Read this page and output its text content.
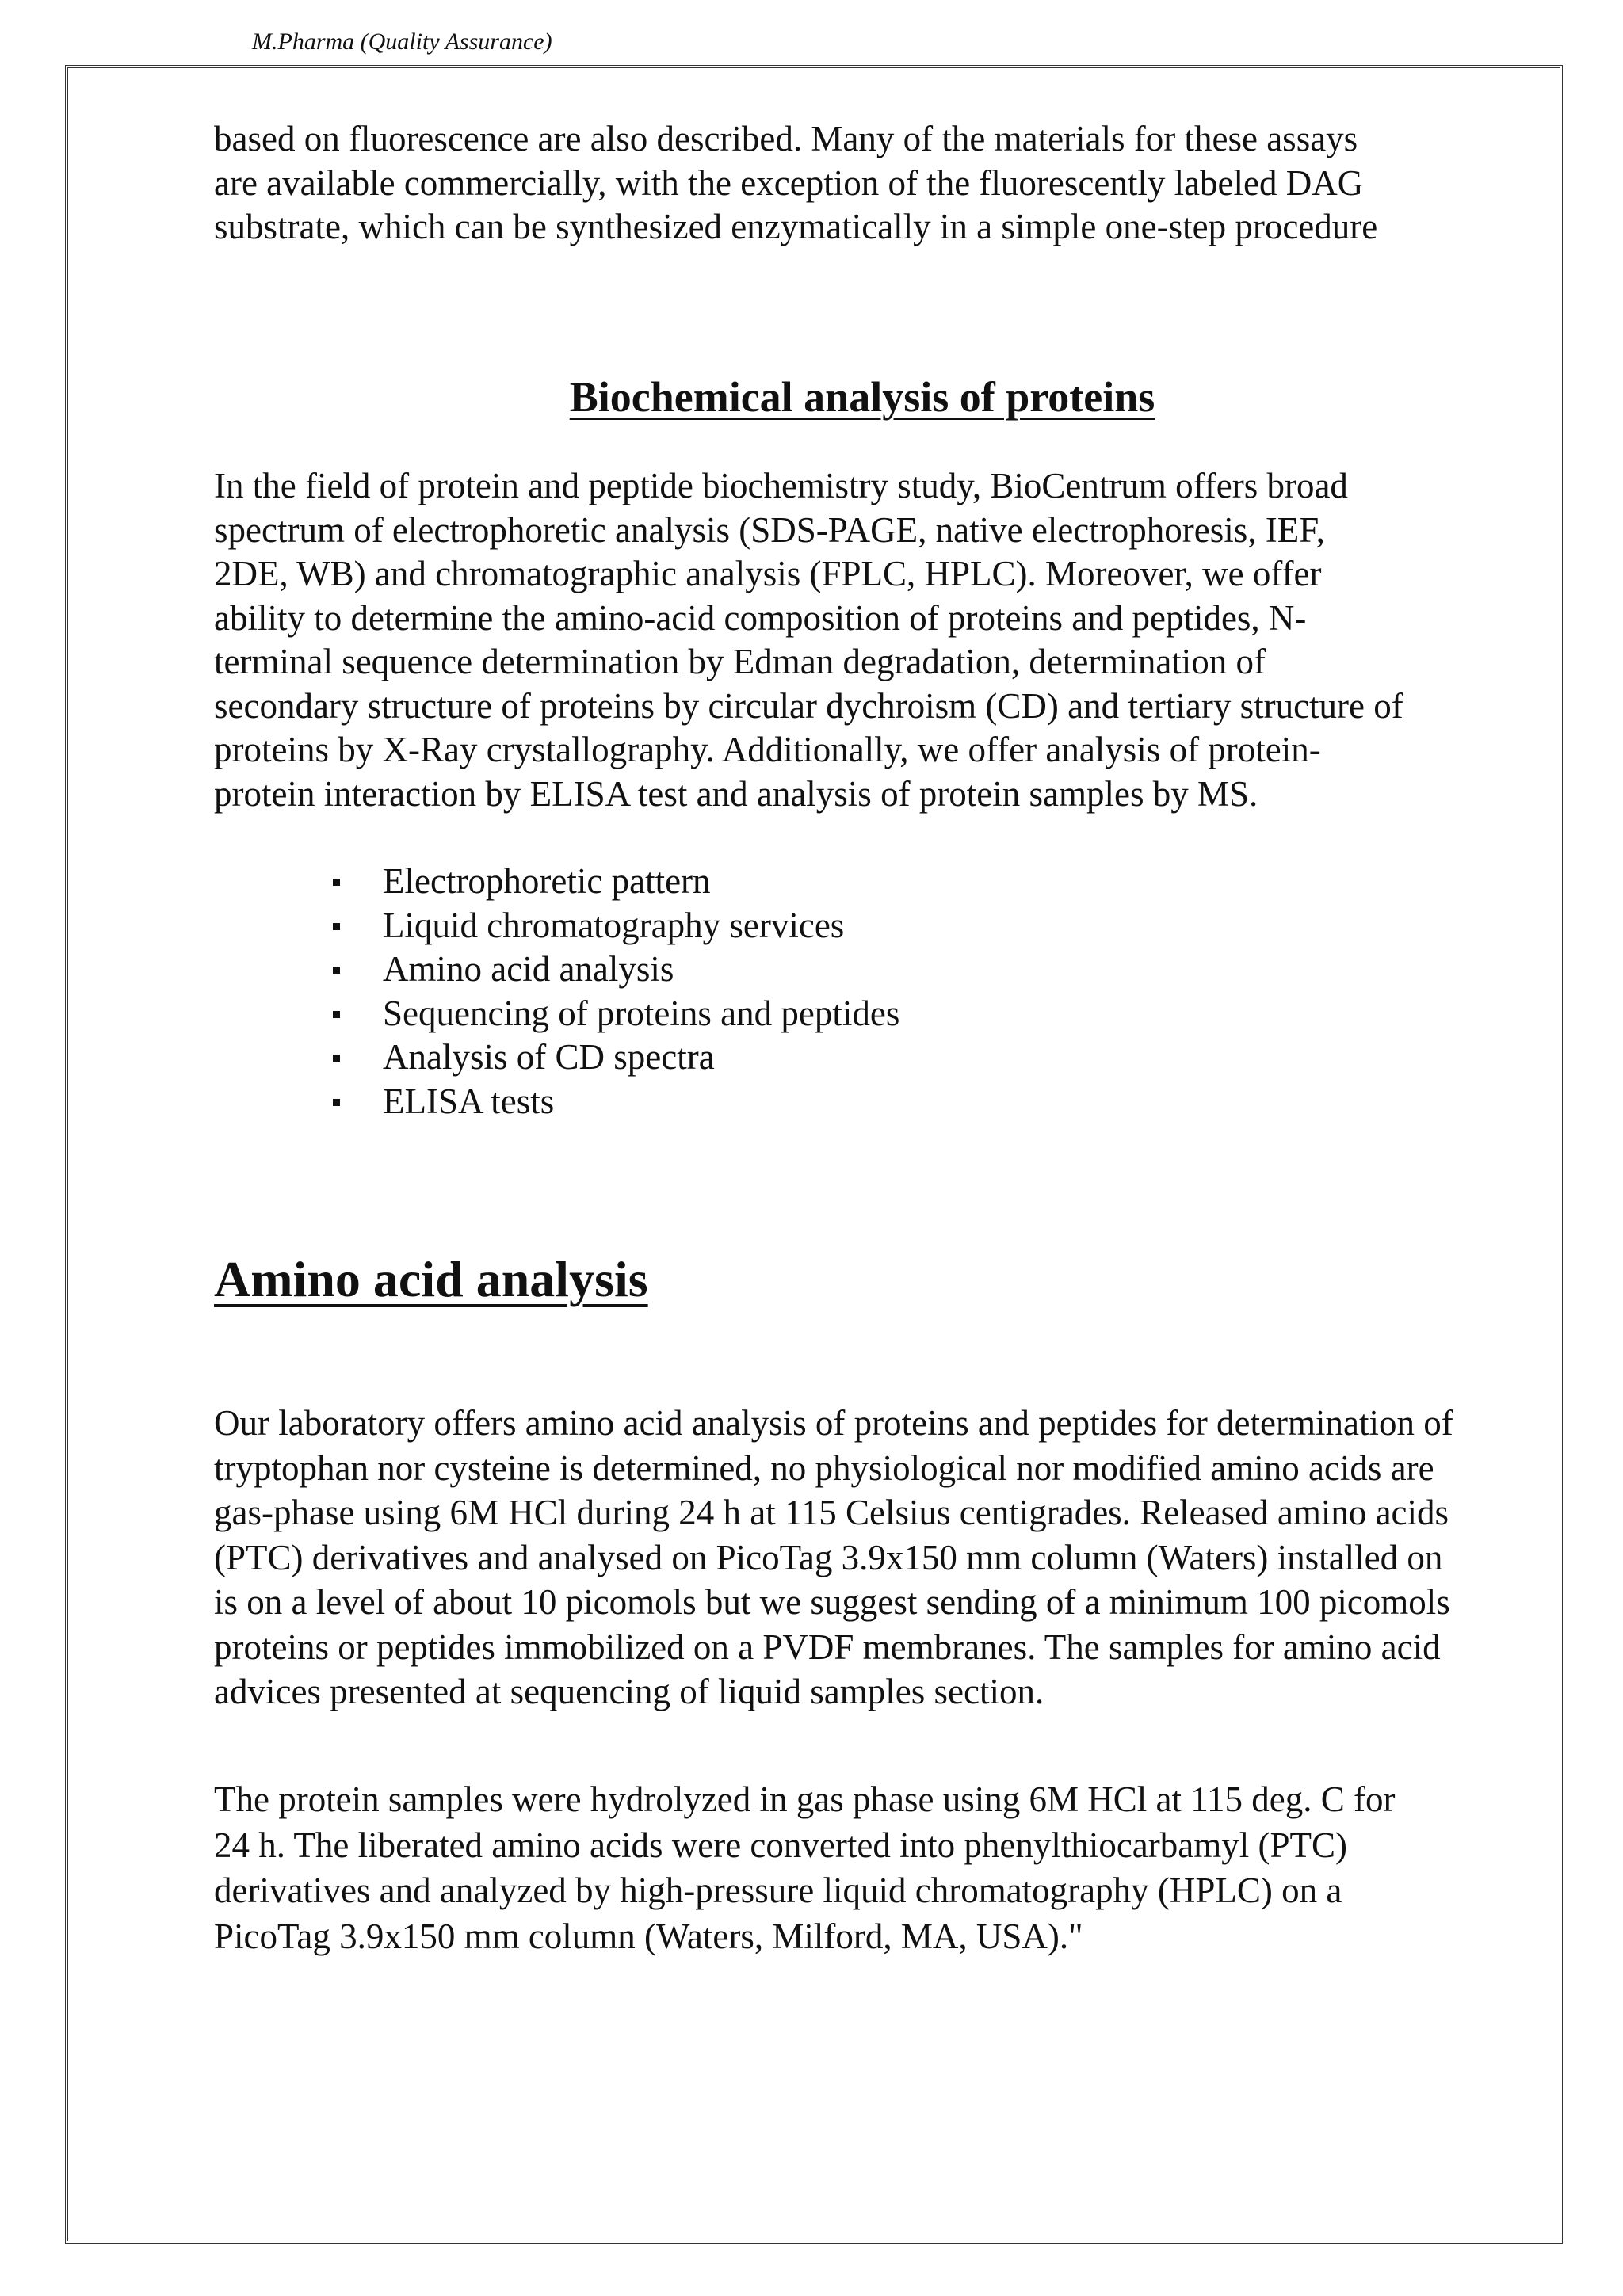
M.Pharma (Quality Assurance)

based on fluorescence are also described. Many of the materials for these assays
are available commercially, with the exception of the fluorescently labeled DAG
substrate, which can be synthesized enzymatically in a simple one-step procedure

Biochemical analysis of proteins

In the field of protein and peptide biochemistry study, BioCentrum offers broad
spectrum of electrophoretic analysis (SDS-PAGE, native electrophoresis, IEF,
2DE, WB) and chromatographic analysis (FPLC, HPLC). Moreover, we offer
ability to determine the amino-acid composition of proteins and peptides, N-
terminal sequence determination by Edman degradation, determination of
secondary structure of proteins by circular dychroism (CD) and tertiary structure of
proteins by X-Ray crystallography. Additionally, we offer analysis of protein-
protein interaction by ELISA test and analysis of protein samples by MS.

Electrophoretic pattern
Liquid chromatography services
Amino acid analysis
Sequencing of proteins and peptides
Analysis of CD spectra
ELISA tests
Amino acid analysis

Our laboratory offers amino acid analysis of proteins and peptides for determination of
tryptophan nor cysteine is determined, no physiological nor modified amino acids are
gas-phase using 6M HCl during 24 h at 115 Celsius centigrades. Released amino acids
(PTC) derivatives and analysed on PicoTag 3.9x150 mm column (Waters) installed on
is on a level of about 10 picomols but we suggest sending of a minimum 100 picomols
proteins or peptides immobilized on a PVDF membranes. The samples for amino acid
advices presented at sequencing of liquid samples section.

The protein samples were hydrolyzed in gas phase using 6M HCl at 115 deg. C for
24 h. The liberated amino acids were converted into phenylthiocarbamyl (PTC)
derivatives and analyzed by high-pressure liquid chromatography (HPLC) on a
PicoTag 3.9x150 mm column (Waters, Milford, MA, USA)."
